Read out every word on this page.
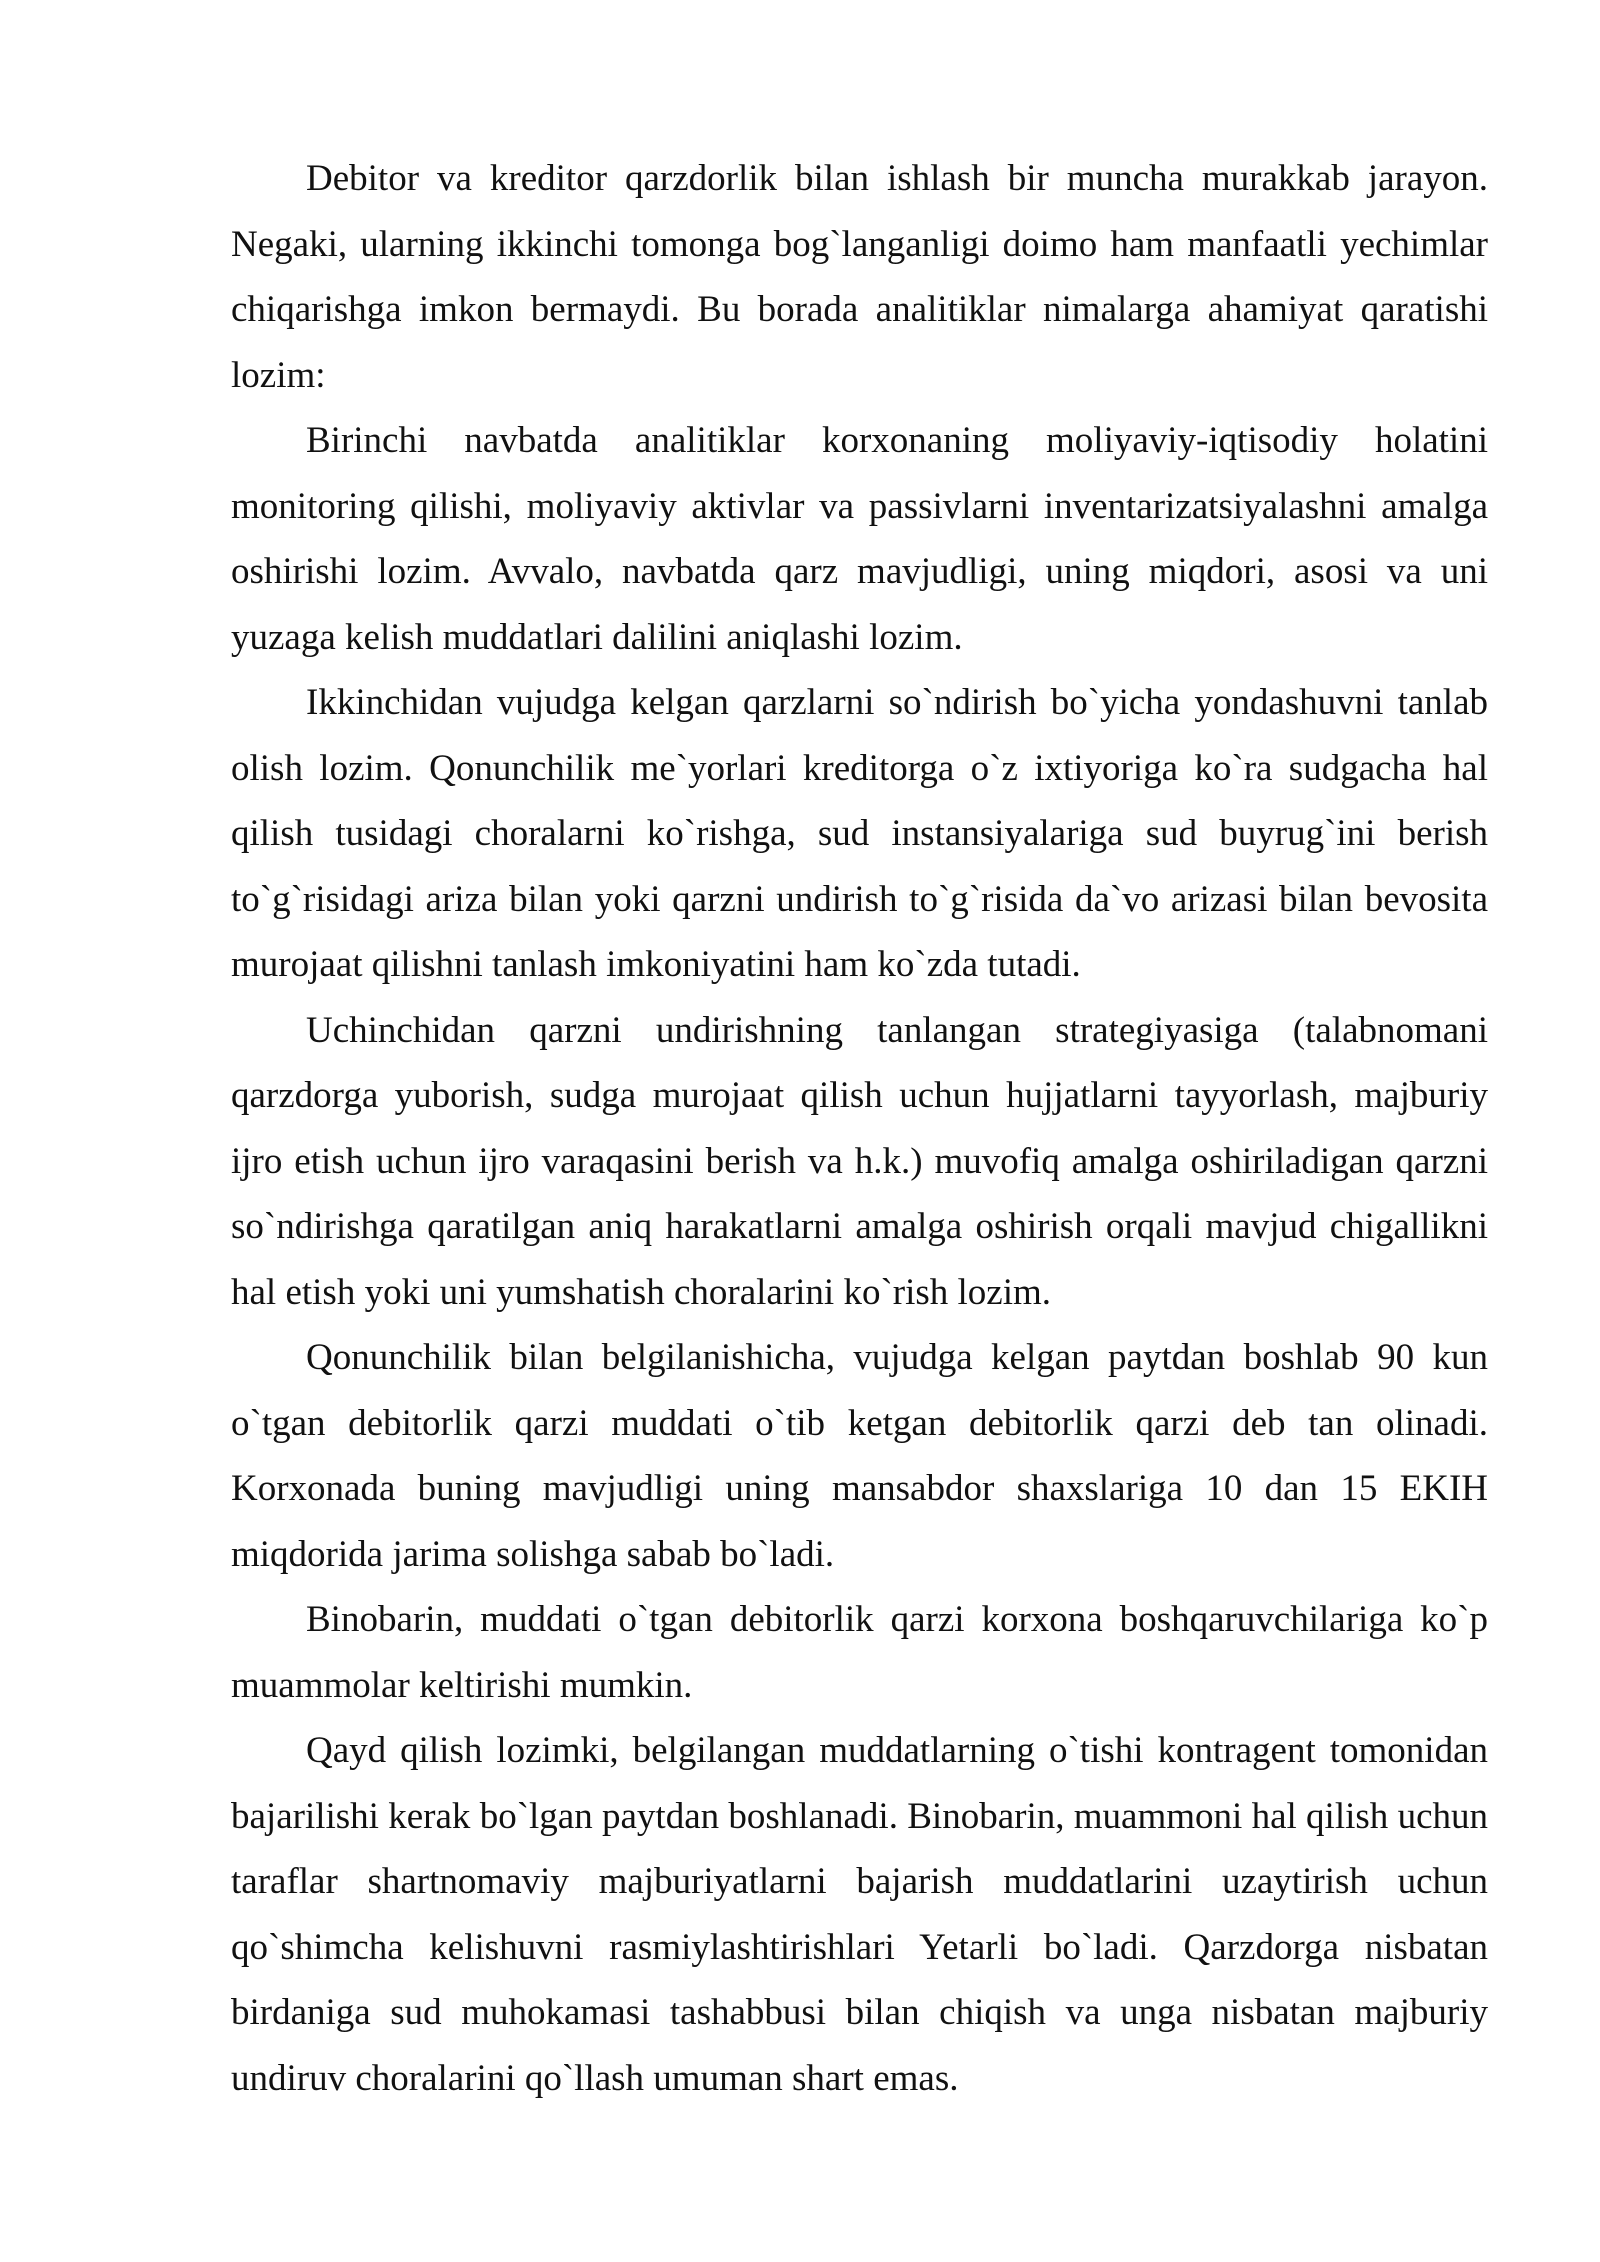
Debitor va kreditor qarzdorlik bilan ishlash bir muncha murakkab jarayon. Negaki, ularning ikkinchi tomonga bog`langanligi doimo ham manfaatli yechimlar chiqarishga imkon bermaydi. Bu borada analitiklar nimalarga ahamiyat qaratishi lozim:

Birinchi navbatda analitiklar korxonaning moliyaviy-iqtisodiy holatini monitoring qilishi, moliyaviy aktivlar va passivlarni inventarizatsiyalashni amalga oshirishi lozim. Avvalo, navbatda qarz mavjudligi, uning miqdori, asosi va uni yuzaga kelish muddatlari dalilini aniqlashi lozim.

Ikkinchidan vujudga kelgan qarzlarni so`ndirish bo`yicha yondashuvni tanlab olish lozim. Qonunchilik me`yorlari kreditorga o`z ixtiyoriga ko`ra sudgacha hal qilish tusidagi choralarni ko`rishga, sud instansiyalariga sud buyrug`ini berish to`g`risidagi ariza bilan yoki qarzni undirish to`g`risida da`vo arizasi bilan bevosita murojaat qilishni tanlash imkoniyatini ham ko`zda tutadi.

Uchinchidan qarzni undirishning tanlangan strategiyasiga (talabnomani qarzdorga yuborish, sudga murojaat qilish uchun hujjatlarni tayyorlash, majburiy ijro etish uchun ijro varaqasini berish va h.k.) muvofiq amalga oshiriladigan qarzni so`ndirishga qaratilgan aniq harakatlarni amalga oshirish orqali mavjud chigallikni hal etish yoki uni yumshatish choralarini ko`rish lozim.

Qonunchilik bilan belgilanishicha, vujudga kelgan paytdan boshlab 90 kun o`tgan debitorlik qarzi muddati o`tib ketgan debitorlik qarzi deb tan olinadi. Korxonada buning mavjudligi uning mansabdor shaxslariga 10 dan 15 EKIH miqdorida jarima solishga sabab bo`ladi.

Binobarin, muddati o`tgan debitorlik qarzi korxona boshqaruvchilariga ko`p muammolar keltirishi mumkin.

Qayd qilish lozimki, belgilangan muddatlarning o`tishi kontragent tomonidan bajarilishi kerak bo`lgan paytdan boshlanadi. Binobarin, muammoni hal qilish uchun taraflar shartnomaviy majburiyatlarni bajarish muddatlarini uzaytirish uchun qo`shimcha kelishuvni rasmiylashtirishlari Yetarli bo`ladi. Qarzdorga nisbatan birdaniga sud muhokamasi tashabbusi bilan chiqish va unga nisbatan majburiy undiruv choralarini qo`llash umuman shart emas.
